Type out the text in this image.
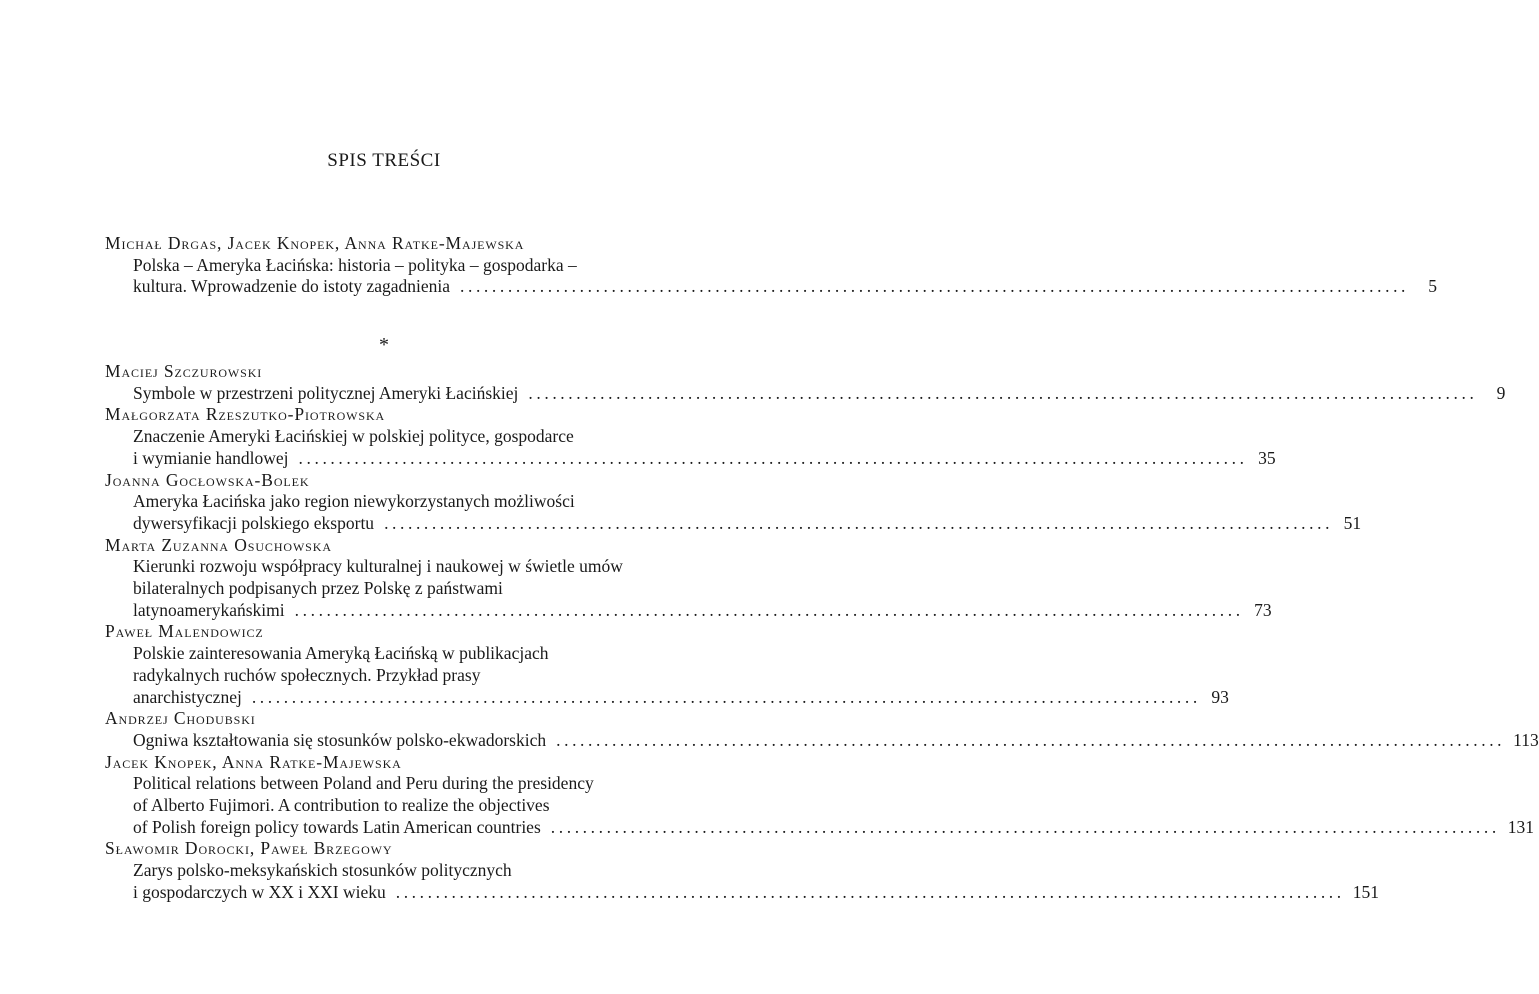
SPIS TREŚCI
Michał Drgas, Jacek Knopek, Anna Ratke-Majewska
Polska – Ameryka Łacińska: historia – polityka – gospodarka –
kultura. Wprowadzenie do istoty zagadnienia .......................................................................................................................	5
*
Maciej Szczurowski
Symbole w przestrzeni politycznej Ameryki Łacińskiej .......................................................................................................................	9
Małgorzata Rzeszutko-Piotrowska
Znaczenie Ameryki Łacińskiej w polskiej polityce, gospodarce
i wymianie handlowej ....................................................................................................................... 35
Joanna Gocłowska-Bolek
Ameryka Łacińska jako region niewykorzystanych możliwości
dywersyfikacji polskiego eksportu ....................................................................................................................... 51
Marta Zuzanna Osuchowska
Kierunki rozwoju współpracy kulturalnej i naukowej w świetle umów
bilateralnych podpisanych przez Polskę z państwami
latynoamerykańskimi ....................................................................................................................... 73
Paweł Malendowicz
Polskie zainteresowania Ameryką Łacińską w publikacjach
radykalnych ruchów społecznych. Przykład prasy
anarchistycznej ....................................................................................................................... 93
Andrzej Chodubski
Ogniwa kształtowania się stosunków polsko-ekwadorskich ....................................................................................................................... 113
Jacek Knopek, Anna Ratke-Majewska
Political relations between Poland and Peru during the presidency
of Alberto Fujimori. A contribution to realize the objectives
of Polish foreign policy towards Latin American countries ....................................................................................................................... 131
Sławomir Dorocki, Paweł Brzegowy
Zarys polsko-meksykańskich stosunków politycznych
i gospodarczych w XX i XXI wieku ....................................................................................................................... 151
